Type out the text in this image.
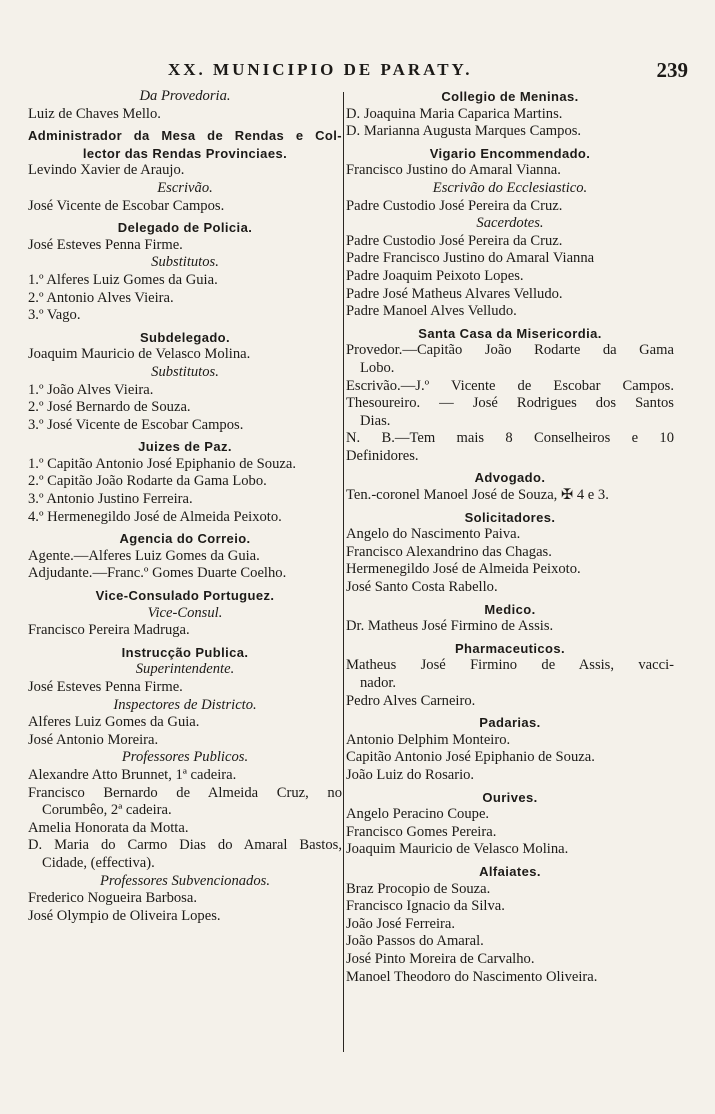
XX. MUNICIPIO DE PARATY.	239
Da Provedoria.
Luiz de Chaves Mello.
Administrador da Mesa de Rendas e Col-
lector das Rendas Provinciaes.
Levindo Xavier de Araujo.
Escrivão.
José Vicente de Escobar Campos.
Delegado de Policia.
José Esteves Penna Firme.
Substitutos.
1.º Alferes Luiz Gomes da Guia.
2.º Antonio Alves Vieira.
3.º Vago.
Subdelegado.
Joaquim Mauricio de Velasco Molina.
Substitutos.
1.º João Alves Vieira.
2.º José Bernardo de Souza.
3.º José Vicente de Escobar Campos.
Juizes de Paz.
1.º Capitão Antonio José Epiphanio de Souza.
2.º Capitão João Rodarte da Gama Lobo.
3.º Antonio Justino Ferreira.
4.º Hermenegildo José de Almeida Peixoto.
Agencia do Correio.
Agente.—Alferes Luiz Gomes da Guia.
Adjudante.—Franc.º Gomes Duarte Coelho.
Vice-Consulado Portuguez.
Vice-Consul.
Francisco Pereira Madruga.
Instrucção Publica.
Superintendente.
José Esteves Penna Firme.
Inspectores de Districto.
Alferes Luiz Gomes da Guia.
José Antonio Moreira.
Professores Publicos.
Alexandre Atto Brunnet, 1ª cadeira.
Francisco Bernardo de Almeida Cruz, no
Corumbêo, 2ª cadeira.
Amelia Honorata da Motta.
D. Maria do Carmo Dias do Amaral Bastos,
Cidade, (effectiva).
Professores Subvencionados.
Frederico Nogueira Barbosa.
José Olympio de Oliveira Lopes.
Collegio de Meninas.
D. Joaquina Maria Caparica Martins.
D. Marianna Augusta Marques Campos.
Vigario Encommendado.
Francisco Justino do Amaral Vianna.
Escrivão do Ecclesiastico.
Padre Custodio José Pereira da Cruz.
Sacerdotes.
Padre Custodio José Pereira da Cruz.
Padre Francisco Justino do Amaral Vianna
Padre Joaquim Peixoto Lopes.
Padre José Matheus Alvares Velludo.
Padre Manoel Alves Velludo.
Santa Casa da Misericordia.
Provedor.—Capitão João Rodarte da Gama
Lobo.
Escrivão.—J.º Vicente de Escobar Campos.
Thesoureiro. — José Rodrigues dos Santos
Dias.
N. B.—Tem mais 8 Conselheiros e 10
Definidores.
Advogado.
Ten.-coronel Manoel José de Souza, ✠ 4 e 3.
Solicitadores.
Angelo do Nascimento Paiva.
Francisco Alexandrino das Chagas.
Hermenegildo José de Almeida Peixoto.
José Santo Costa Rabello.
Medico.
Dr. Matheus José Firmino de Assis.
Pharmaceuticos.
Matheus José Firmino de Assis, vacci-
nador.
Pedro Alves Carneiro.
Padarias.
Antonio Delphim Monteiro.
Capitão Antonio José Epiphanio de Souza.
João Luiz do Rosario.
Ourives.
Angelo Peracino Coupe.
Francisco Gomes Pereira.
Joaquim Mauricio de Velasco Molina.
Alfaiates.
Braz Procopio de Souza.
Francisco Ignacio da Silva.
João José Ferreira.
João Passos do Amaral.
José Pinto Moreira de Carvalho.
Manoel Theodoro do Nascimento Oliveira.
